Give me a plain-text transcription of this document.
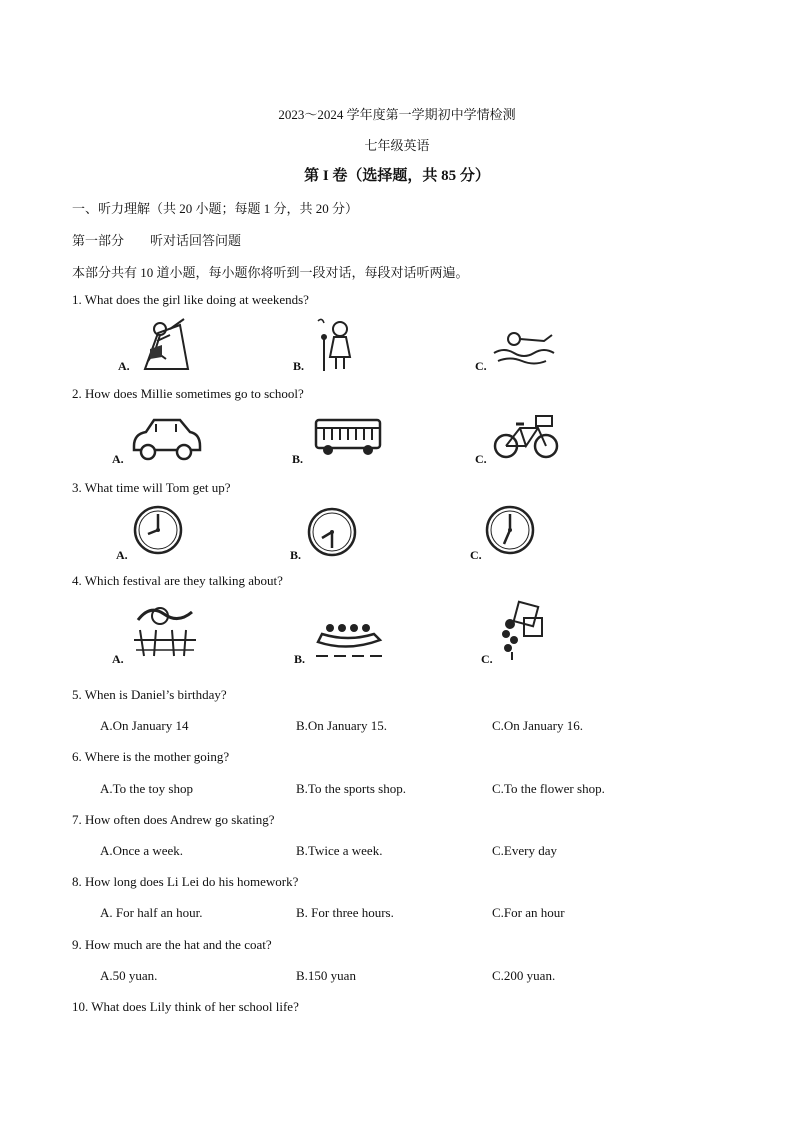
2023～2024 学年度第一学期初中学情检测
七年级英语
第 I 卷（选择题，共 85 分）
一、听力理解（共 20 小题；每题 1 分，共 20 分）
第一部分　　听对话回答问题
本部分共有 10 道小题，每小题你将听到一段对话，每段对话听两遍。
1. What does the girl like doing at weekends?
A.	B.	C.
2. How does Millie sometimes go to school?
A.	B.	C.
3. What time will Tom get up?
A.	B.	C.
4. Which festival are they talking about?
A.	B.	C.
5. When is Daniel’s birthday?
A.On January 14	B.On January 15.	C.On January 16.
6. Where is the mother going?
A.To the toy shop	B.To the sports shop.	C.To the flower shop.
7. How often does Andrew go skating?
A.Once a week.	B.Twice a week.	C.Every day
8. How long does Li Lei do his homework?
A. For half an hour.	B. For three hours.	C.For an hour
9. How much are the hat and the coat?
A.50 yuan.	B.150 yuan	C.200 yuan.
10. What does Lily think of her school life?
